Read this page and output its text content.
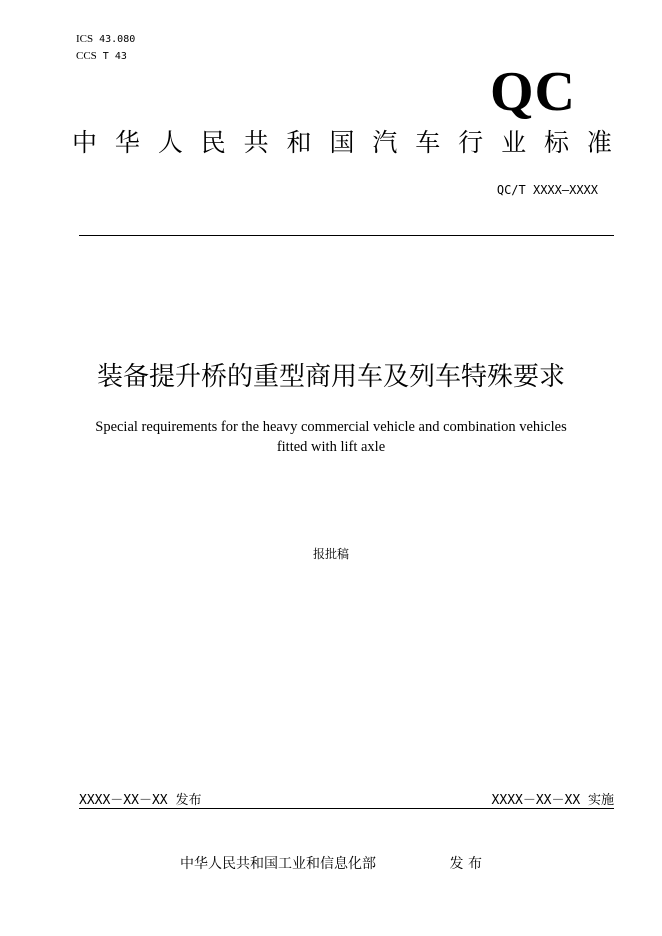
ICS 43.080
CCS T 43
QC
中 华 人 民 共 和 国 汽 车 行 业 标 准
QC/T XXXX—XXXX
装备提升桥的重型商用车及列车特殊要求
Special requirements for the heavy commercial vehicle and combination vehicles
fitted with lift axle
报批稿
XXXX－XX－XX 发布	XXXX－XX－XX 实施
中华人民共和国工业和信息化部	发 布
